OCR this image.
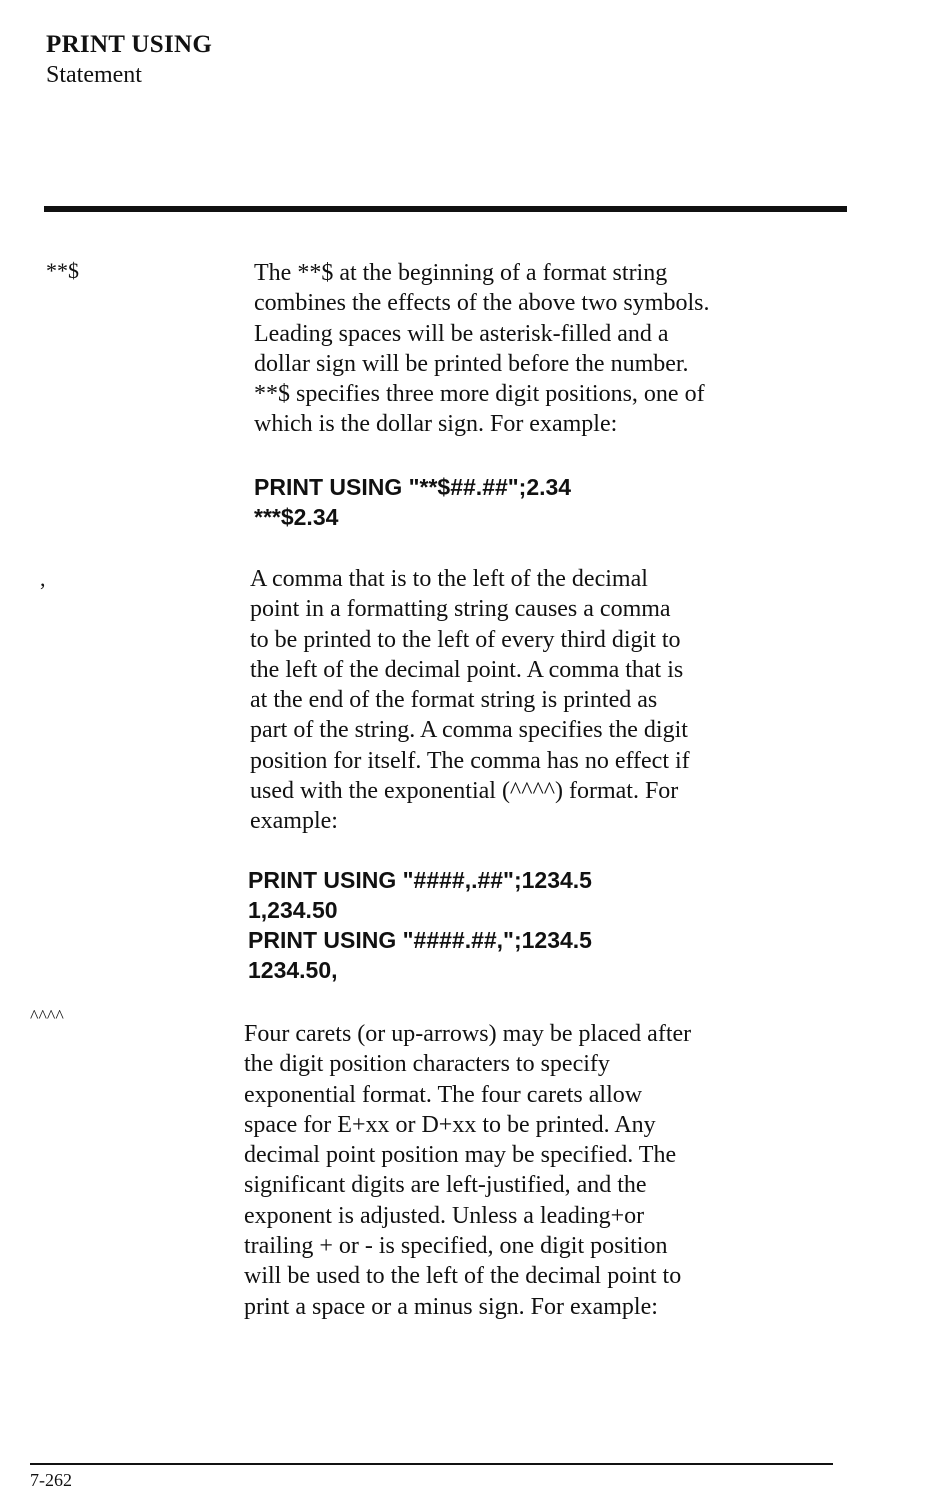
PRINT USING
Statement
**$	The **$ at the beginning of a format string
combines the effects of the above two symbols.
Leading spaces will be asterisk-filled and a
dollar sign will be printed before the number.
**$ specifies three more digit positions, one of
which is the dollar sign. For example:
PRINT USING "**$##.##";2.34
***$2.34
,	A comma that is to the left of the decimal
point in a formatting string causes a comma
to be printed to the left of every third digit to
the left of the decimal point. A comma that is
at the end of the format string is printed as
part of the string. A comma specifies the digit
position for itself. The comma has no effect if
used with the exponential (^^^^) format. For
example:
PRINT USING "####,.##";1234.5
1,234.50
PRINT USING "####.##,";1234.5
1234.50,
^^^^
Four carets (or up-arrows) may be placed after
the digit position characters to specify
exponential format. The four carets allow
space for E+xx or D+xx to be printed. Any
decimal point position may be specified. The
significant digits are left-justified, and the
exponent is adjusted. Unless a leading+or
trailing + or - is specified, one digit position
will be used to the left of the decimal point to
print a space or a minus sign. For example:
7-262
